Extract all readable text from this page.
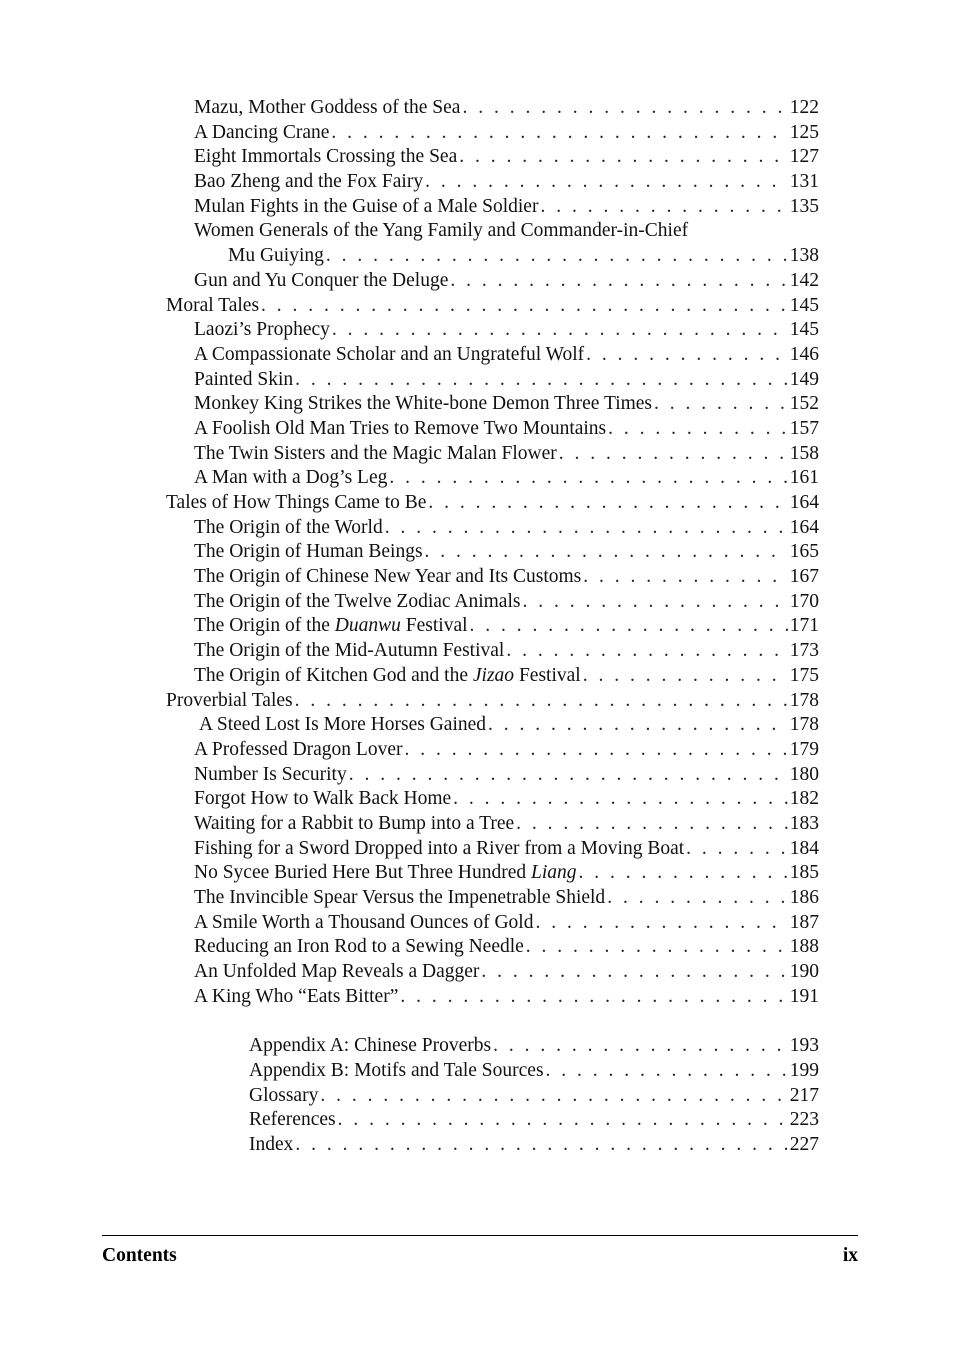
Mazu, Mother Goddess of the Sea . . .	122
A Dancing Crane . . .	125
Eight Immortals Crossing the Sea . . .	127
Bao Zheng and the Fox Fairy . . .	131
Mulan Fights in the Guise of a Male Soldier . . .	135
Women Generals of the Yang Family and Commander-in-Chief
Mu Guiying . . .	138
Gun and Yu Conquer the Deluge . . .	142
Moral Tales . . .	145
Laozi’s Prophecy . . .	145
A Compassionate Scholar and an Ungrateful Wolf . . .	146
Painted Skin . . .	149
Monkey King Strikes the White-bone Demon Three Times . . .	152
A Foolish Old Man Tries to Remove Two Mountains . . .	157
The Twin Sisters and the Magic Malan Flower . . .	158
A Man with a Dog’s Leg . . .	161
Tales of How Things Came to Be . . .	164
The Origin of the World . . .	164
The Origin of Human Beings . . .	165
The Origin of Chinese New Year and Its Customs . . .	167
The Origin of the Twelve Zodiac Animals . . .	170
The Origin of the Duanwu Festival . . .	171
The Origin of the Mid-Autumn Festival . . .	173
The Origin of Kitchen God and the Jizao Festival . . .	175
Proverbial Tales . . .	178
A Steed Lost Is More Horses Gained . . .	178
A Professed Dragon Lover . . .	179
Number Is Security . . .	180
Forgot How to Walk Back Home . . .	182
Waiting for a Rabbit to Bump into a Tree . . .	183
Fishing for a Sword Dropped into a River from a Moving Boat . . .	184
No Sycee Buried Here But Three Hundred Liang . . .	185
The Invincible Spear Versus the Impenetrable Shield . . .	186
A Smile Worth a Thousand Ounces of Gold . . .	187
Reducing an Iron Rod to a Sewing Needle . . .	188
An Unfolded Map Reveals a Dagger . . .	190
A King Who “Eats Bitter” . . .	191
Appendix A: Chinese Proverbs . . .	193
Appendix B: Motifs and Tale Sources . . .	199
Glossary . . .	217
References . . .	223
Index . . .	227
Contents	ix
